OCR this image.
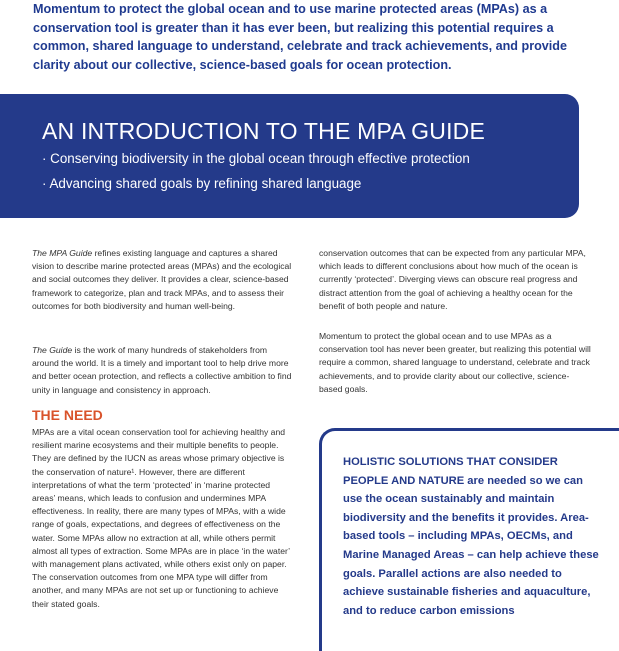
Momentum to protect the global ocean and to use marine protected areas (MPAs) as a conservation tool is greater than it has ever been, but realizing this potential requires a common, shared language to understand, celebrate and track achievements, and provide clarity about our collective, science-based goals for ocean protection.

AN INTRODUCTION TO THE MPA GUIDE

· Conserving biodiversity in the global ocean through effective protection

· Advancing shared goals by refining shared language

The MPA Guide refines existing language and captures a shared vision to describe marine protected areas (MPAs) and the ecological and social outcomes they deliver. It provides a clear, science-based framework to categorize, plan and track MPAs, and to assess their outcomes for both biodiversity and human well-being.

The Guide is the work of many hundreds of stakeholders from around the world. It is a timely and important tool to help drive more and better ocean protection, and reflects a collective ambition to find unity in language and consistency in approach.

THE NEED

MPAs are a vital ocean conservation tool for achieving healthy and resilient marine ecosystems and their multiple benefits to people. They are defined by the IUCN as areas whose primary objective is the conservation of nature¹. However, there are different interpretations of what the term ‘protected’ in ‘marine protected areas’ means, which leads to confusion and undermines MPA effectiveness. In reality, there are many types of MPAs, with a wide range of goals, expectations, and degrees of effectiveness on the water. Some MPAs allow no extraction at all, while others permit almost all types of extraction. Some MPAs are in place ‘in the water’ with management plans activated, while others exist only on paper. The conservation outcomes from one MPA type will differ from another, and many MPAs are not set up or functioning to achieve their stated goals.

conservation outcomes that can be expected from any particular MPA, which leads to different conclusions about how much of the ocean is currently ‘protected’. Diverging views can obscure real progress and distract attention from the goal of achieving a healthy ocean for the benefit of both people and nature.

Momentum to protect the global ocean and to use MPAs as a conservation tool has never been greater, but realizing this potential will require a common, shared language to understand, celebrate and track achievements, and to provide clarity about our collective, science-based goals.

HOLISTIC SOLUTIONS THAT CONSIDER PEOPLE AND NATURE are needed so we can use the ocean sustainably and maintain biodiversity and the benefits it provides. Area-based tools – including MPAs, OECMs, and Marine Managed Areas – can help achieve these goals. Parallel actions are also needed to achieve sustainable fisheries and aquaculture, and to reduce carbon emissions
